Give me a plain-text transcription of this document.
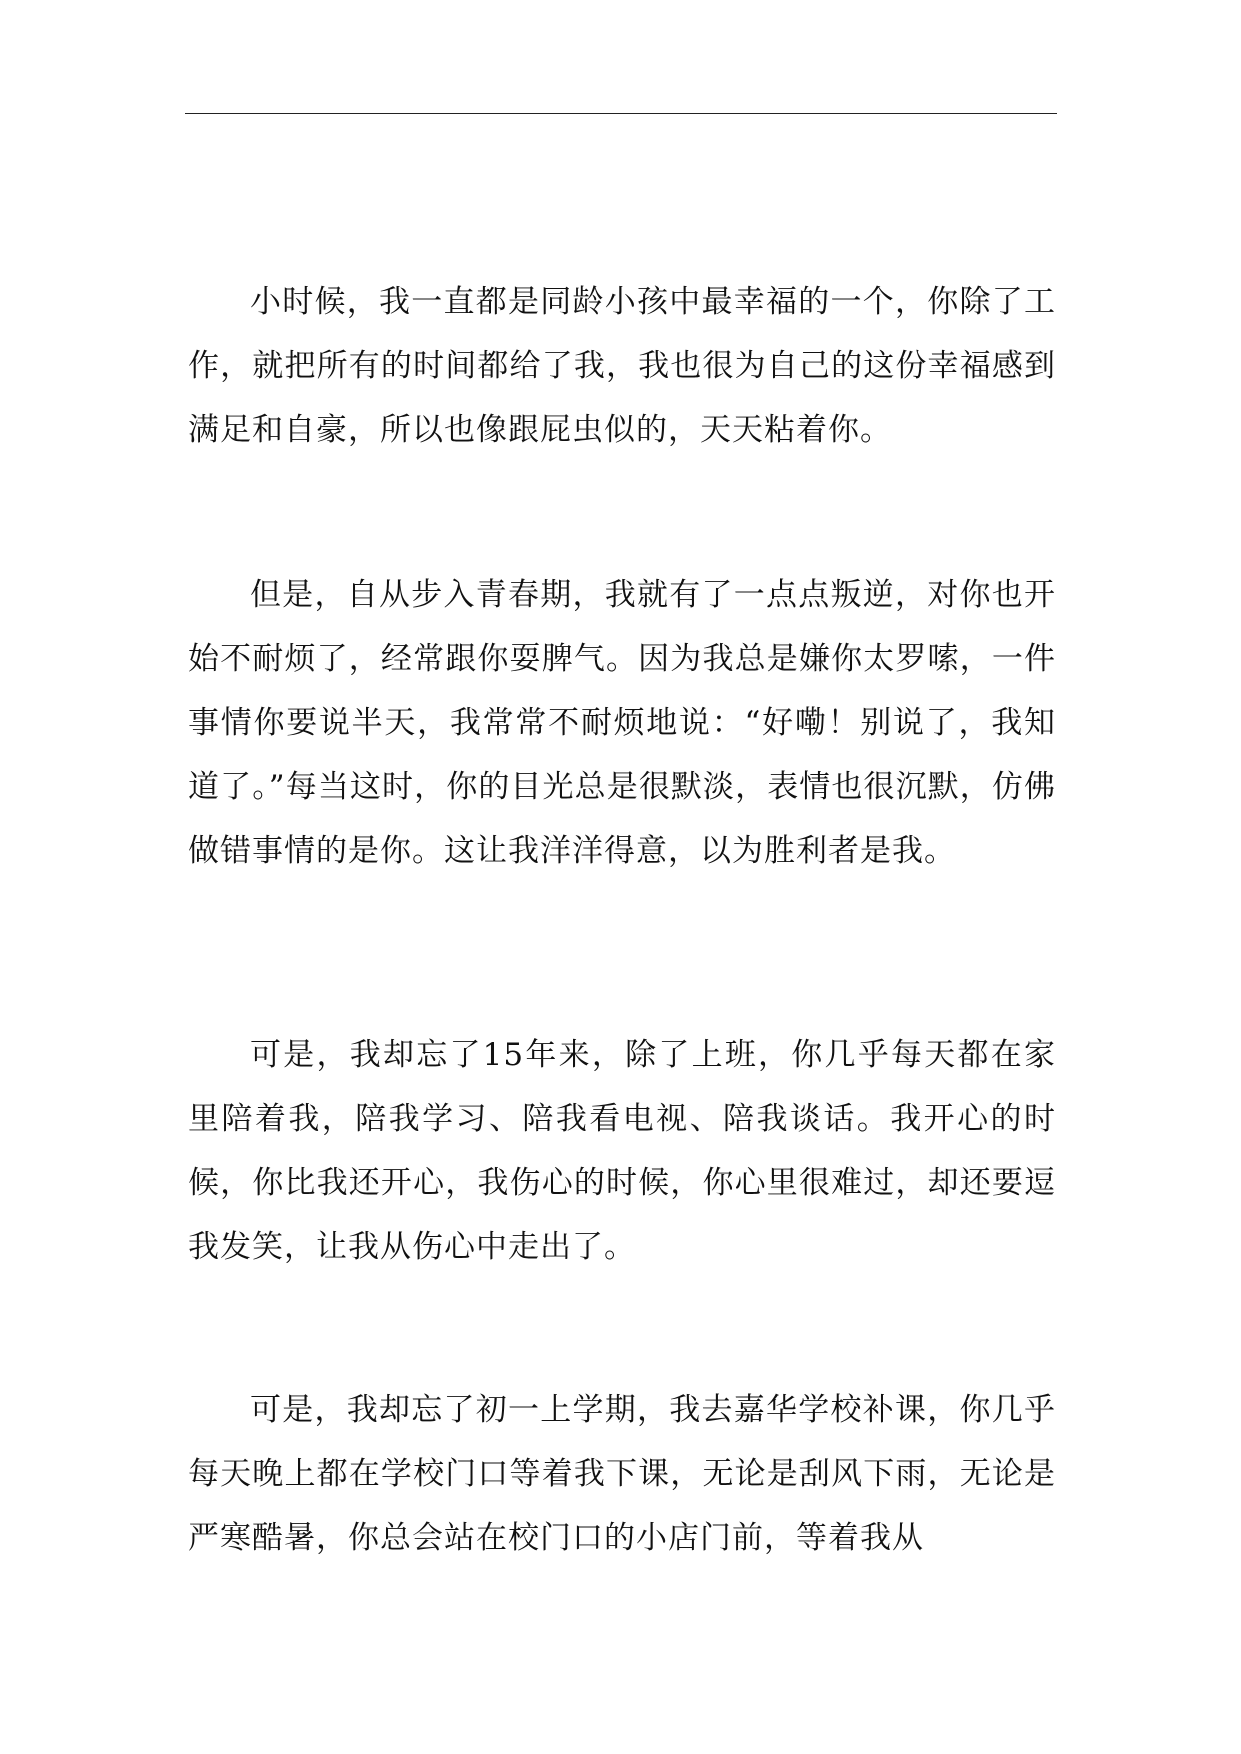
小时候，我一直都是同龄小孩中最幸福的一个，你除了工作，就把所有的时间都给了我，我也很为自己的这份幸福感到满足和自豪，所以也像跟屁虫似的，天天粘着你。

但是，自从步入青春期，我就有了一点点叛逆，对你也开始不耐烦了，经常跟你耍脾气。因为我总是嫌你太罗嗦，一件事情你要说半天，我常常不耐烦地说：“好嘞！别说了，我知道了。”每当这时，你的目光总是很默淡，表情也很沉默，仿佛做错事情的是你。这让我洋洋得意，以为胜利者是我。

可是，我却忘了15年来，除了上班，你几乎每天都在家里陪着我，陪我学习、陪我看电视、陪我谈话。我开心的时候，你比我还开心，我伤心的时候，你心里很难过，却还要逗我发笑，让我从伤心中走出了。

可是，我却忘了初一上学期，我去嘉华学校补课，你几乎每天晚上都在学校门口等着我下课，无论是刮风下雨，无论是严寒酷暑，你总会站在校门口的小店门前，等着我从
